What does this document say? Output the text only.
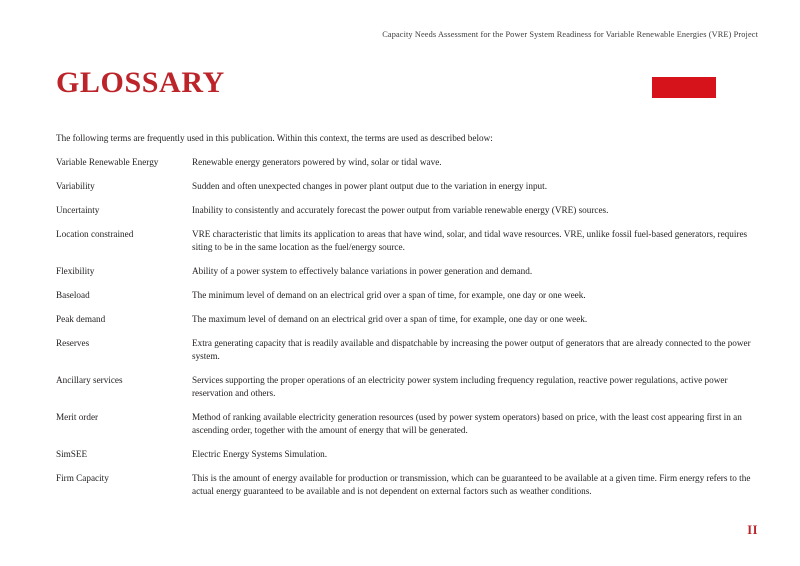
Capacity Needs Assessment for the Power System Readiness for Variable Renewable Energies (VRE) Project
GLOSSARY
The following terms are frequently used in this publication. Within this context, the terms are used as described below:
Variable Renewable Energy	Renewable energy generators powered by wind, solar or tidal wave.
Variability	Sudden and often unexpected changes in power plant output due to the variation in energy input.
Uncertainty	Inability to consistently and accurately forecast the power output from variable renewable energy (VRE) sources.
Location constrained	VRE characteristic that limits its application to areas that have wind, solar, and tidal wave resources. VRE, unlike fossil fuel-based generators, requires siting to be in the same location as the fuel/energy source.
Flexibility	Ability of a power system to effectively balance variations in power generation and demand.
Baseload	The minimum level of demand on an electrical grid over a span of time, for example, one day or one week.
Peak demand	The maximum level of demand on an electrical grid over a span of time, for example, one day or one week.
Reserves	Extra generating capacity that is readily available and dispatchable by increasing the power output of generators that are already connected to the power system.
Ancillary services	Services supporting the proper operations of an electricity power system including frequency regulation, reactive power regulations, active power reservation and others.
Merit order	Method of ranking available electricity generation resources (used by power system operators) based on price, with the least cost appearing first in an ascending order, together with the amount of energy that will be generated.
SimSEE	Electric Energy Systems Simulation.
Firm Capacity	This is the amount of energy available for production or transmission, which can be guaranteed to be available at a given time. Firm energy refers to the actual energy guaranteed to be available and is not dependent on external factors such as weather conditions.
II
